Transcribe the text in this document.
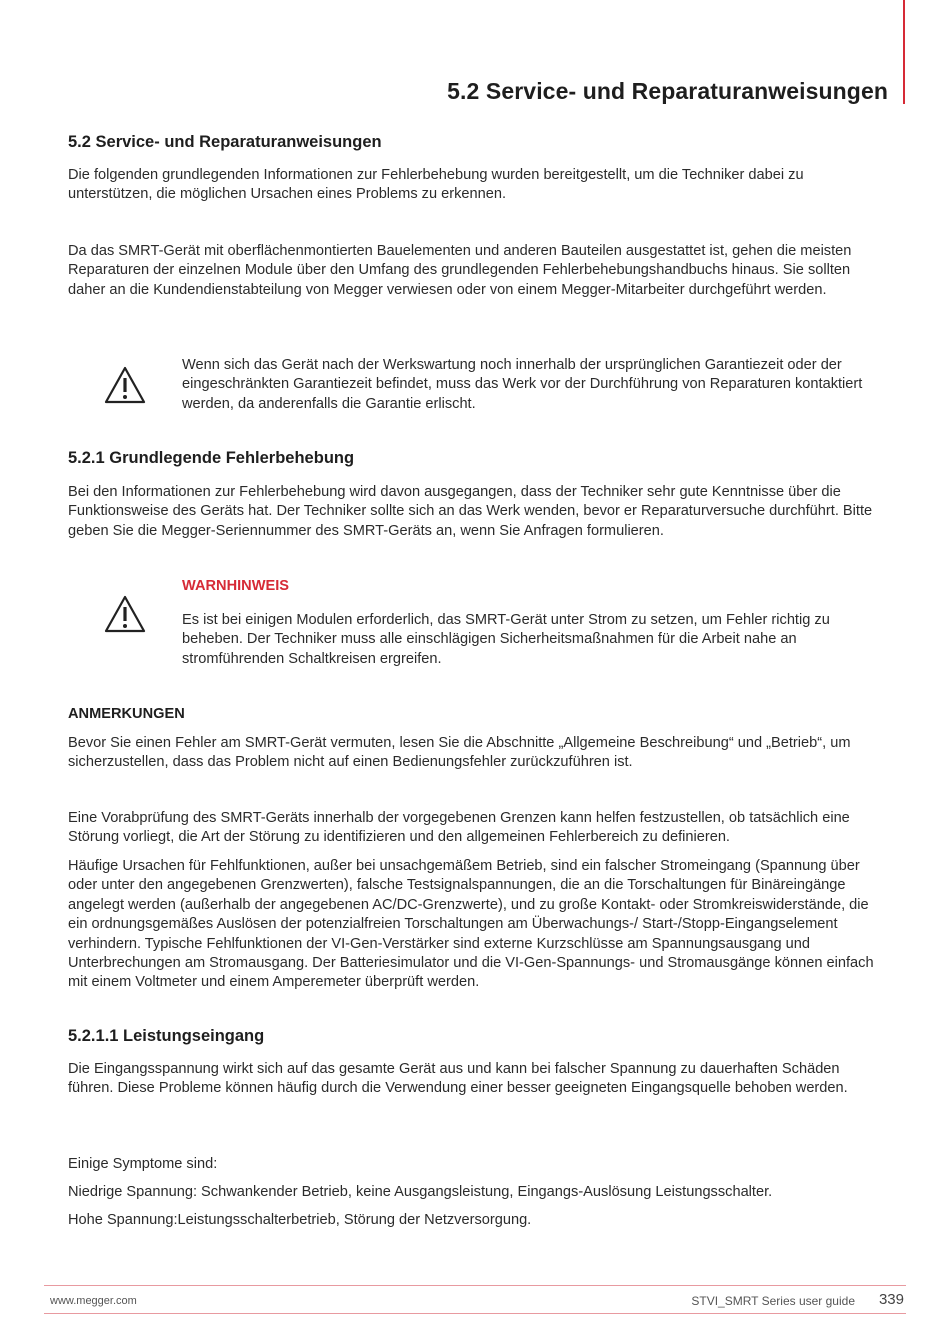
5.2 Service- und Reparaturanweisungen
5.2 Service- und Reparaturanweisungen
Die folgenden grundlegenden Informationen zur Fehlerbehebung wurden bereitgestellt, um die Techniker dabei zu unterstützen, die möglichen Ursachen eines Problems zu erkennen.
Da das SMRT-Gerät mit oberflächenmontierten Bauelementen und anderen Bauteilen ausgestattet ist, gehen die meisten Reparaturen der einzelnen Module über den Umfang des grundlegenden Fehlerbehebungshandbuchs hinaus. Sie sollten daher an die Kundendienstabteilung von Megger verwiesen oder von einem Megger-Mitarbeiter durchgeführt werden.
Wenn sich das Gerät nach der Werkswartung noch innerhalb der ursprünglichen Garantiezeit oder der eingeschränkten Garantiezeit befindet, muss das Werk vor der Durchführung von Reparaturen kontaktiert werden, da anderenfalls die Garantie erlischt.
5.2.1 Grundlegende Fehlerbehebung
Bei den Informationen zur Fehlerbehebung wird davon ausgegangen, dass der Techniker sehr gute Kenntnisse über die Funktionsweise des Geräts hat. Der Techniker sollte sich an das Werk wenden, bevor er Reparaturversuche durchführt. Bitte geben Sie die Megger-Seriennummer des SMRT-Geräts an, wenn Sie Anfragen formulieren.
WARNHINWEIS
Es ist bei einigen Modulen erforderlich, das SMRT-Gerät unter Strom zu setzen, um Fehler richtig zu beheben. Der Techniker muss alle einschlägigen Sicherheitsmaßnahmen für die Arbeit nahe an stromführenden Schaltkreisen ergreifen.
ANMERKUNGEN
Bevor Sie einen Fehler am SMRT-Gerät vermuten, lesen Sie die Abschnitte „Allgemeine Beschreibung“ und „Betrieb“, um sicherzustellen, dass das Problem nicht auf einen Bedienungsfehler zurückzuführen ist.
Eine Vorabprüfung des SMRT-Geräts innerhalb der vorgegebenen Grenzen kann helfen festzustellen, ob tatsächlich eine Störung vorliegt, die Art der Störung zu identifizieren und den allgemeinen Fehlerbereich zu definieren.
Häufige Ursachen für Fehlfunktionen, außer bei unsachgemäßem Betrieb, sind ein falscher Stromeingang (Spannung über oder unter den angegebenen Grenzwerten), falsche Testsignalspannungen, die an die Torschaltungen für Binäreingänge angelegt werden (außerhalb der angegebenen AC/DC-Grenzwerte), und zu große Kontakt- oder Stromkreiswiderstände, die ein ordnungsgemäßes Auslösen der potenzialfreien Torschaltungen am Überwachungs-/ Start-/Stopp-Eingangselement verhindern. Typische Fehlfunktionen der VI-Gen-Verstärker sind externe Kurzschlüsse am Spannungsausgang und Unterbrechungen am Stromausgang. Der Batteriesimulator und die VI-Gen-Spannungs- und Stromausgänge können einfach mit einem Voltmeter und einem Amperemeter überprüft werden.
5.2.1.1 Leistungseingang
Die Eingangsspannung wirkt sich auf das gesamte Gerät aus und kann bei falscher Spannung zu dauerhaften Schäden führen. Diese Probleme können häufig durch die Verwendung einer besser geeigneten Eingangsquelle behoben werden.
Einige Symptome sind:
Niedrige Spannung: Schwankender Betrieb, keine Ausgangsleistung, Eingangs-Auslösung Leistungsschalter.
Hohe Spannung:Leistungsschalterbetrieb, Störung der Netzversorgung.
www.megger.com	STVI_SMRT Series user guide 339
